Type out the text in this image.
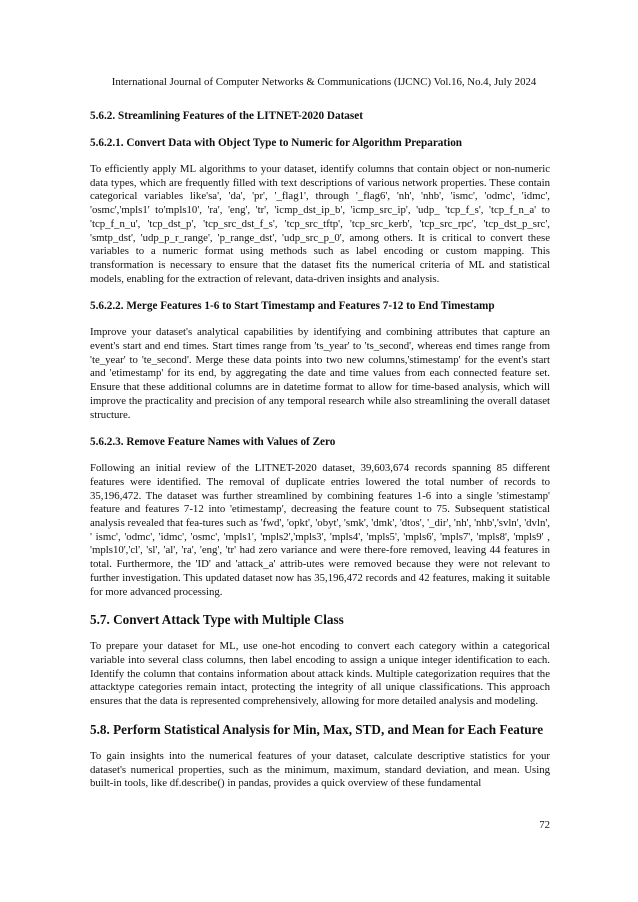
International Journal of Computer Networks & Communications (IJCNC) Vol.16, No.4, July 2024
5.6.2. Streamlining Features of the LITNET-2020 Dataset
5.6.2.1. Convert Data with Object Type to Numeric for Algorithm Preparation

To efficiently apply ML algorithms to your dataset, identify columns that contain object or non-numeric data types, which are frequently filled with text descriptions of various network properties. These contain categorical variables like'sa', 'da', 'pr', '_flag1', through '_flag6', 'nh', 'nhb', 'ismc', 'odmc', 'idmc', 'osmc','mpls1' to'mpls10', 'ra', 'eng', 'tr', 'icmp_dst_ip_b', 'icmp_src_ip', 'udp_ 'tcp_f_s', 'tcp_f_n_a' to 'tcp_f_n_u', 'tcp_dst_p', 'tcp_src_dst_f_s', 'tcp_src_tftp', 'tcp_src_kerb', 'tcp_src_rpc', 'tcp_dst_p_src', 'smtp_dst', 'udp_p_r_range', 'p_range_dst', 'udp_src_p_0', among others. It is critical to convert these variables to a numeric format using methods such as label encoding or custom mapping. This transformation is necessary to ensure that the dataset fits the numerical criteria of ML and statistical models, enabling for the extraction of relevant, data-driven insights and analysis.

5.6.2.2. Merge Features 1-6 to Start Timestamp and Features 7-12 to End Timestamp

Improve your dataset's analytical capabilities by identifying and combining attributes that capture an event's start and end times. Start times range from 'ts_year' to 'ts_second', whereas end times range from 'te_year' to 'te_second'. Merge these data points into two new columns,'stimestamp' for the event's start and 'etimestamp' for its end, by aggregating the date and time values from each connected feature set. Ensure that these additional columns are in datetime format to allow for time-based analysis, which will improve the practicality and precision of any temporal research while also streamlining the overall dataset structure.

5.6.2.3. Remove Feature Names with Values of Zero

Following an initial review of the LITNET-2020 dataset, 39,603,674 records spanning 85 different features were identified. The removal of duplicate entries lowered the total number of records to 35,196,472. The dataset was further streamlined by combining features 1-6 into a single 'stimestamp' feature and features 7-12 into 'etimestamp', decreasing the feature count to 75. Subsequent statistical analysis revealed that fea-tures such as 'fwd', 'opkt', 'obyt', 'smk', 'dmk', 'dtos', '_dir', 'nh', 'nhb','svln', 'dvln', ' ismc', 'odmc', 'idmc', 'osmc', 'mpls1', 'mpls2','mpls3', 'mpls4', 'mpls5', 'mpls6', 'mpls7', 'mpls8', 'mpls9' , 'mpls10','cl', 'sl', 'al', 'ra', 'eng', 'tr' had zero variance and were there-fore removed, leaving 44 features in total. Furthermore, the 'ID' and 'attack_a' attrib-utes were removed because they were not relevant to further investigation. This updated dataset now has 35,196,472 records and 42 features, making it suitable for more advanced processing.

5.7. Convert Attack Type with Multiple Class

To prepare your dataset for ML, use one-hot encoding to convert each category within a categorical variable into several class columns, then label encoding to assign a unique integer identification to each. Identify the column that contains information about attack kinds. Multiple categorization requires that the attacktype categories remain intact, protecting the integrity of all unique classifications. This approach ensures that the data is represented comprehensively, allowing for more detailed analysis and modeling.

5.8. Perform Statistical Analysis for Min, Max, STD, and Mean for Each Feature

To gain insights into the numerical features of your dataset, calculate descriptive statistics for your dataset's numerical properties, such as the minimum, maximum, standard deviation, and mean. Using built-in tools, like df.describe() in pandas, provides a quick overview of these fundamental

72
